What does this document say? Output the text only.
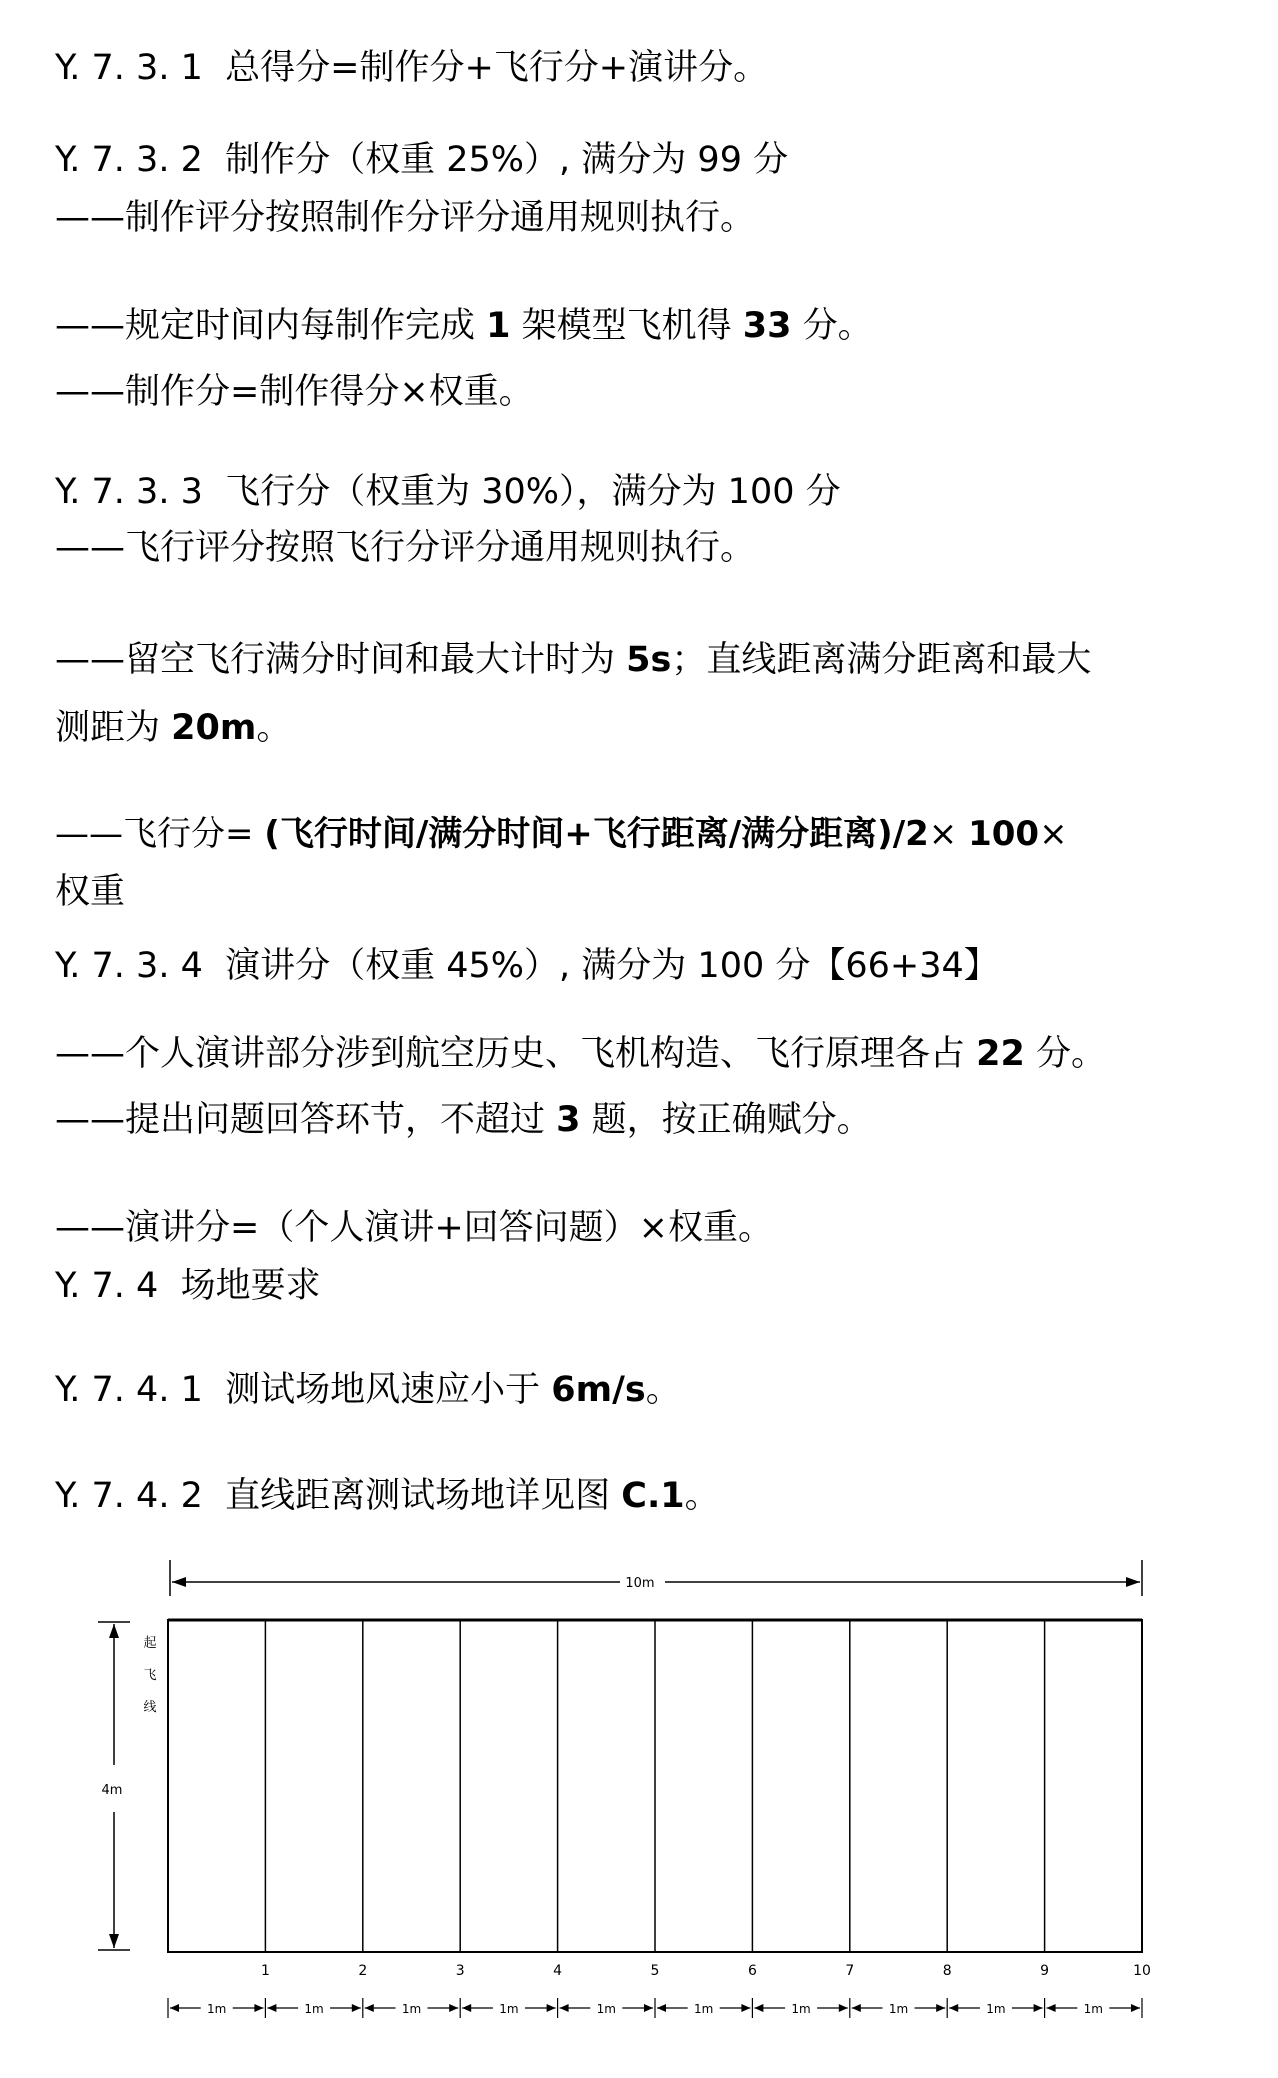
Y. 7. 3. 1 总得分=制作分+飞行分+演讲分。
Y. 7. 3. 2 制作分（权重 25%）, 满分为 99 分
——制作评分按照制作分评分通用规则执行。
——规定时间内每制作完成 1 架模型飞机得 33 分。
——制作分=制作得分×权重。
Y. 7. 3. 3 飞行分（权重为 30%），满分为 100 分
——飞行评分按照飞行分评分通用规则执行。
——留空飞行满分时间和最大计时为 5s；直线距离满分距离和最大
测距为 20m。
——飞行分= (飞行时间/满分时间+飞行距离/满分距离)/2× 100×
权重
Y. 7. 3. 4 演讲分（权重 45%）, 满分为 100 分【66+34】
——个人演讲部分涉到航空历史、飞机构造、飞行原理各占 22 分。
——提出问题回答环节，不超过 3 题，按正确赋分。
——演讲分=（个人演讲+回答问题）×权重。
Y. 7. 4 场地要求
Y. 7. 4. 1 测试场地风速应小于 6m/s。
Y. 7. 4. 2 直线距离测试场地详见图 C.1。
1	2	3	4	5	6	7	8	9	10
1m	1m	1m	1m	1m	1m	1m	1m	1m	1m
10m
4m
起
飞
线
